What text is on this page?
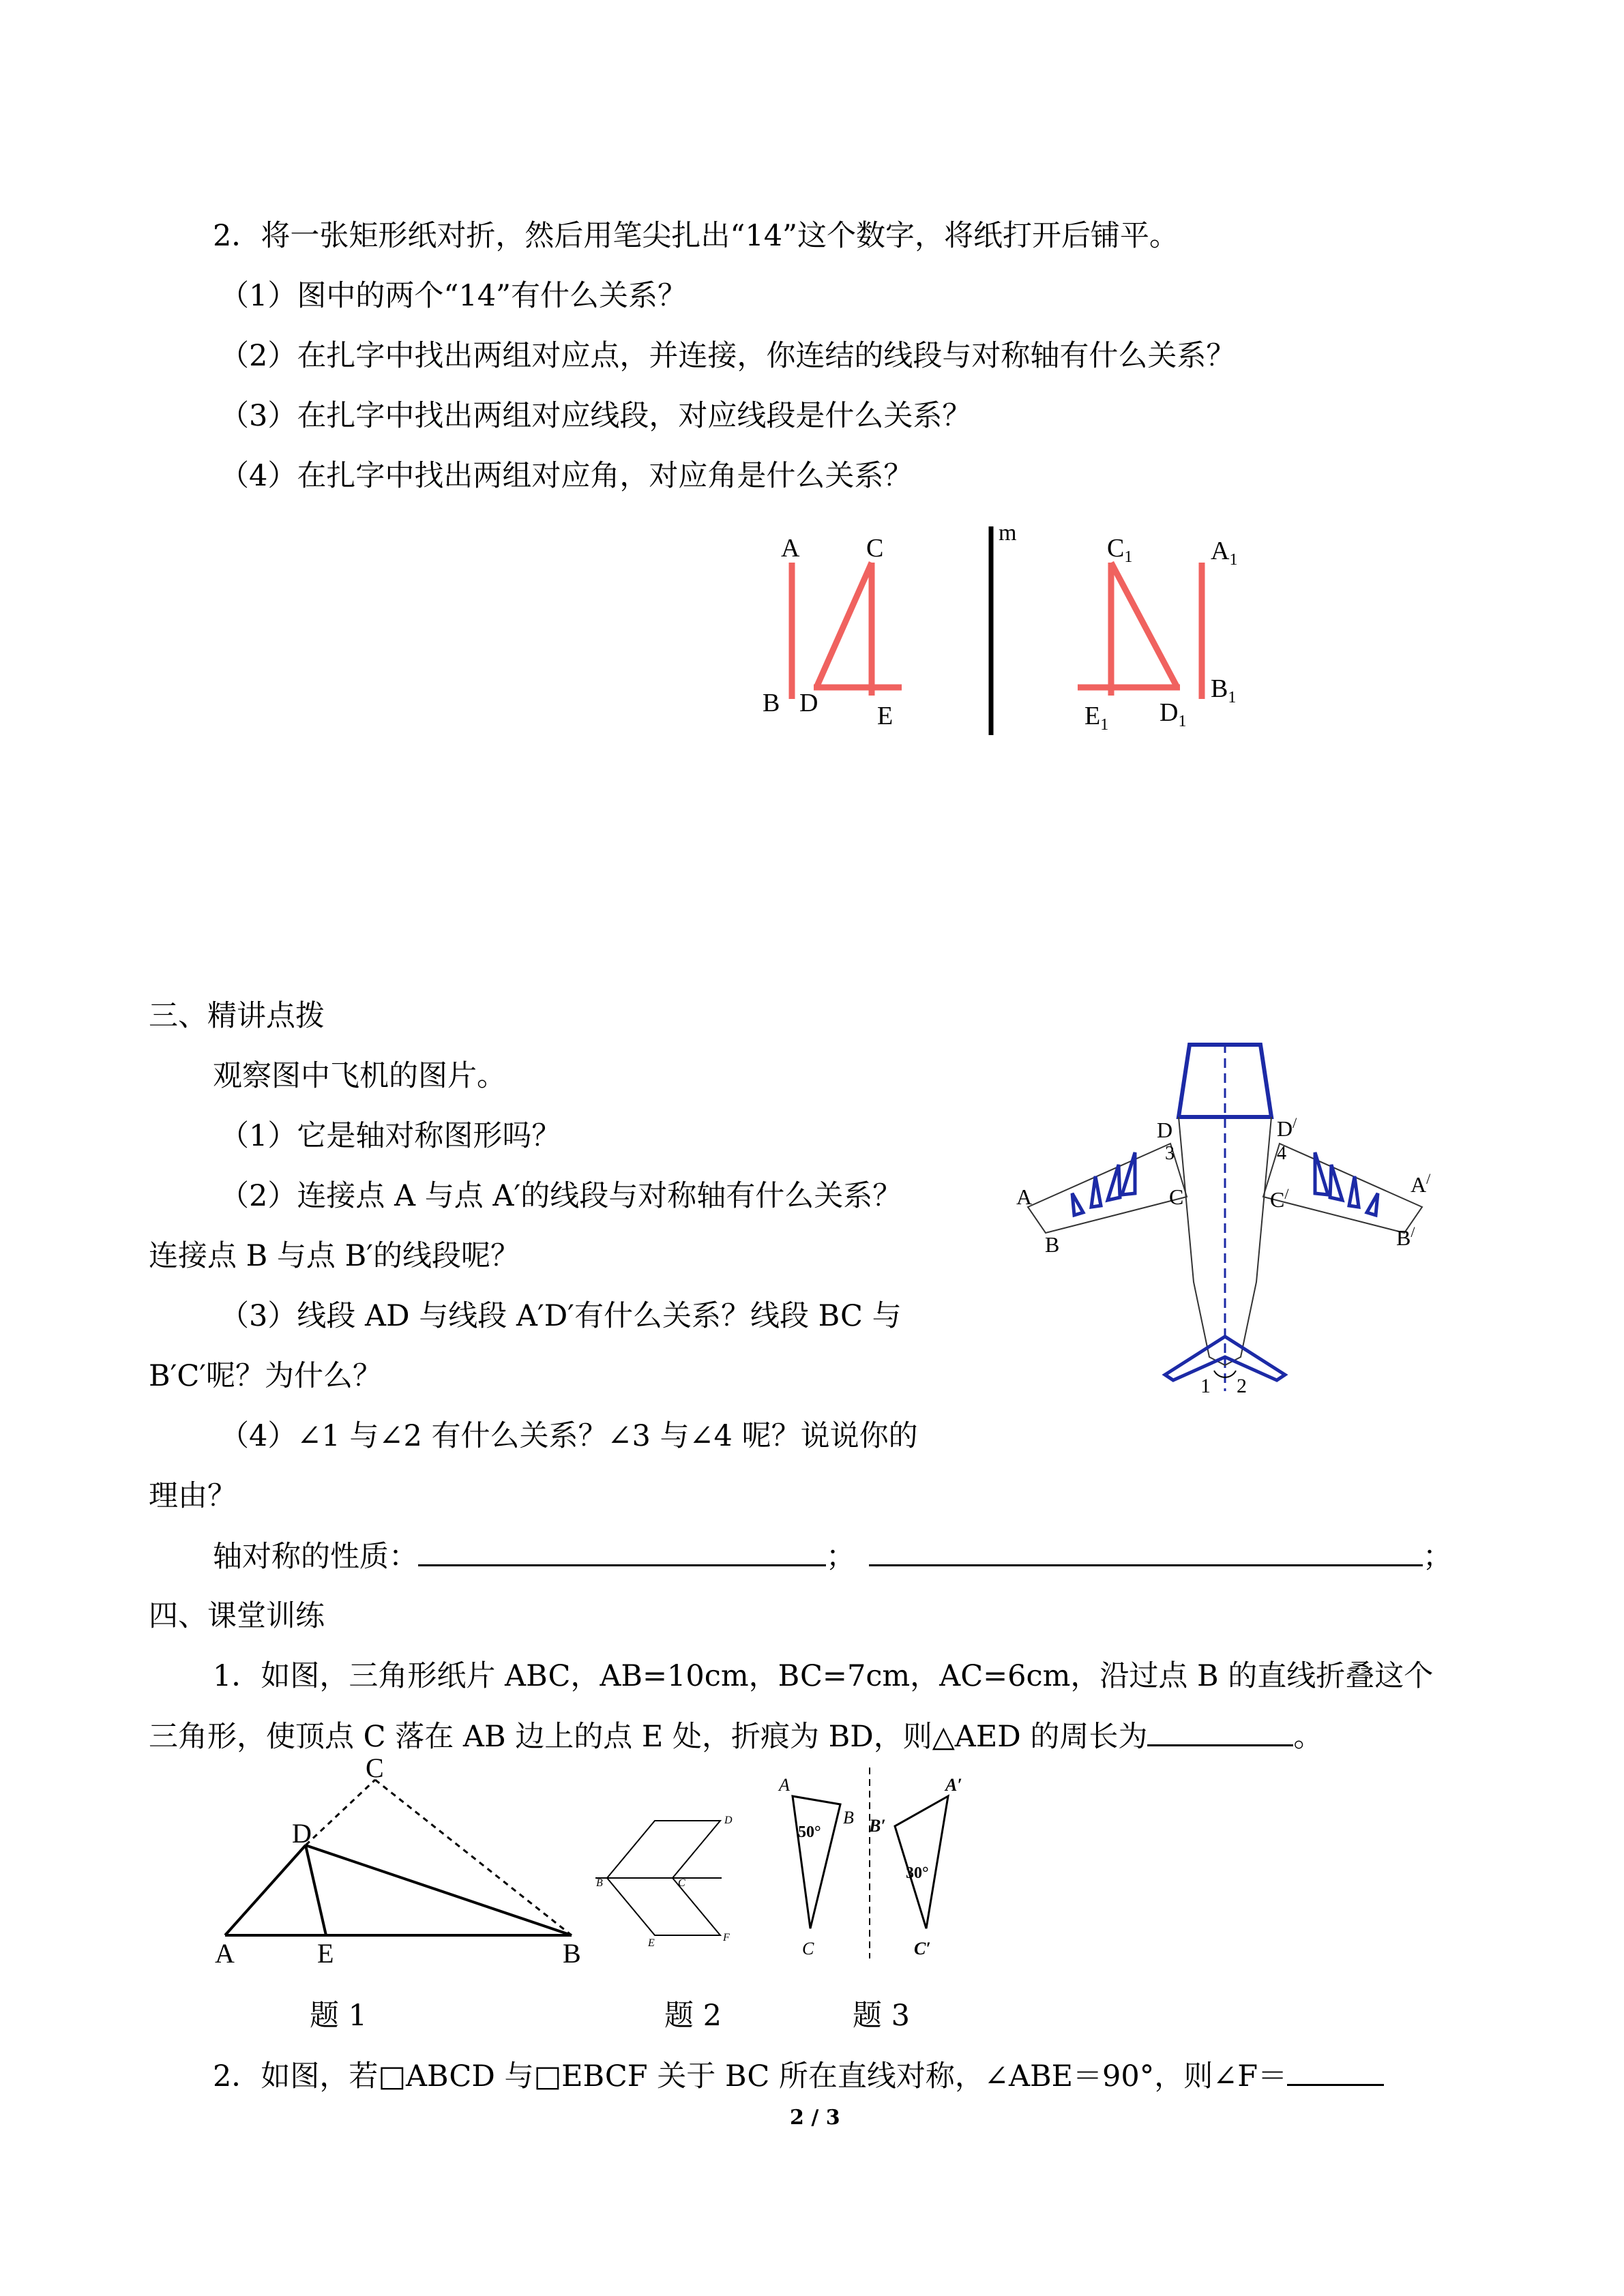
2．将一张矩形纸对折，然后用笔尖扎出“14”这个数字，将纸打开后铺平。
（1）图中的两个“14”有什么关系？
（2）在扎字中找出两组对应点，并连接，你连结的线段与对称轴有什么关系？
（3）在扎字中找出两组对应线段，对应线段是什么关系？
（4）在扎字中找出两组对应角，对应角是什么关系？
A	C
B D E
m
$C_1$	$A_1$
$B_1$
$E_1$ $D_1$
三、精讲点拨
观察图中飞机的图片。
（1）它是轴对称图形吗？
（2）连接点 A 与点 A′的线段与对称轴有什么关系？
连接点 B 与点 B′的线段呢？
（3）线段 AD 与线段 A′D′有什么关系？线段 BC 与
B′C′呢？为什么？
（4）∠1 与∠2 有什么关系？∠3 与∠4 呢？说说你的
理由？
轴对称的性质：	；	；
D	D/
A	A/
B	B/
C	C/
3	4
1 2
四、课堂训练
1．如图，三角形纸片 ABC，AB=10cm，BC=7cm，AC=6cm，沿过点 B 的直线折叠这个
三角形，使顶点 C 落在 AB 边上的点 E 处，折痕为 BD，则△AED 的周长为	。
A	E	B
D
C
题 1
B	C
D
E	F
题 2
A
B
C
50°
A′
B′
C′
30°
题 3
2．如图，若□ABCD 与□EBCF 关于 BC 所在直线对称，∠ABE＝90°，则∠F＝
2 / 3
